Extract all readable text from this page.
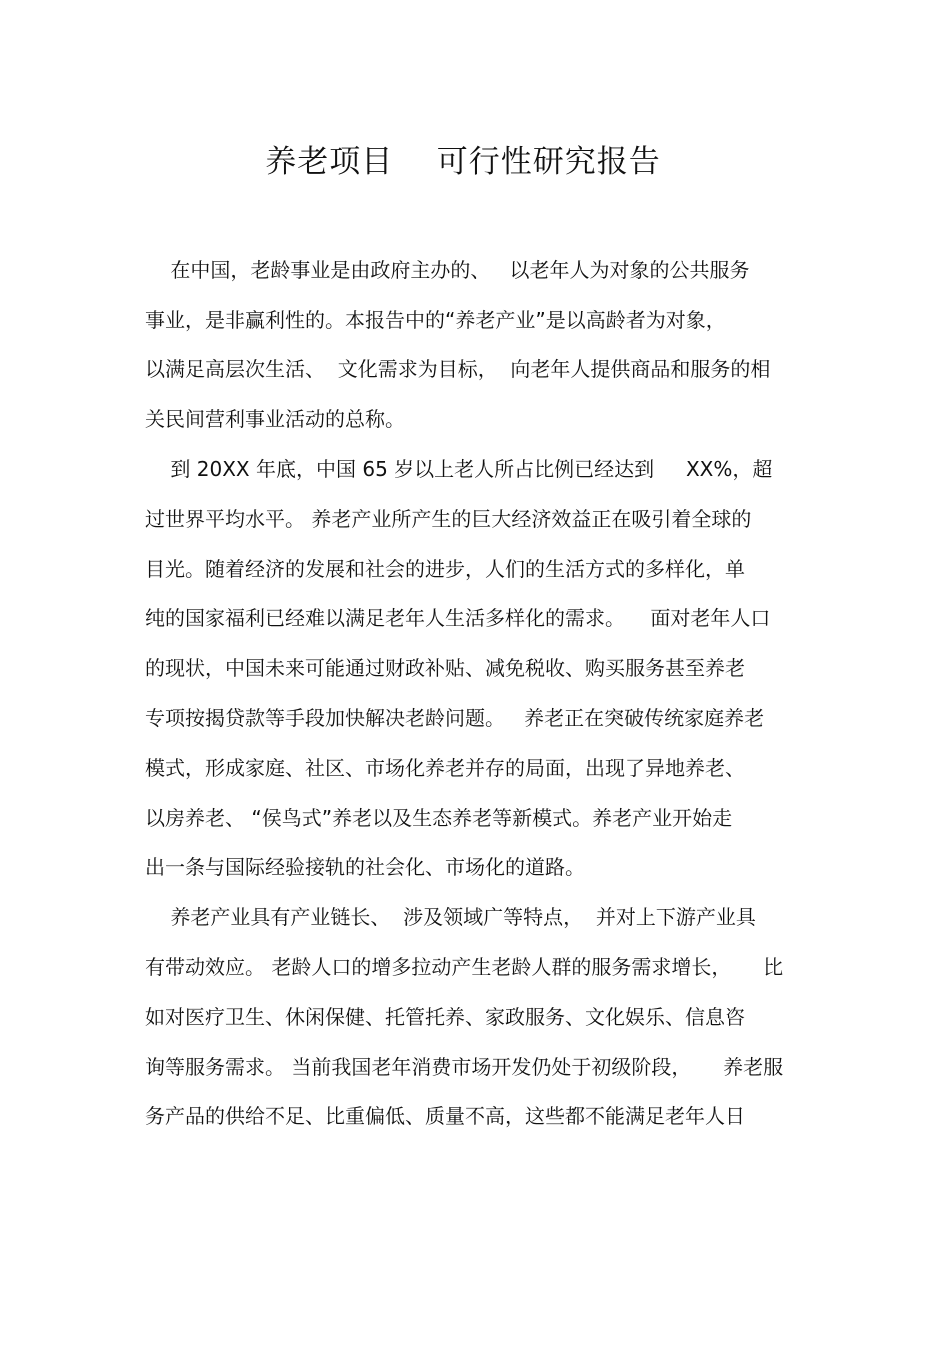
养老项目    可行性研究报告
在中国，老龄事业是由政府主办的、   以老年人为对象的公共服务
事业，是非赢利性的。本报告中的“养老产业”是以高龄者为对象，
以满足高层次生活、  文化需求为目标，  向老年人提供商品和服务的相
关民间营利事业活动的总称。
到 20XX 年底，中国 65 岁以上老人所占比例已经达到     XX%，超
过世界平均水平。 养老产业所产生的巨大经济效益正在吸引着全球的
目光。随着经济的发展和社会的进步，人们的生活方式的多样化，单
纯的国家福利已经难以满足老年人生活多样化的需求。    面对老年人口
的现状，中国未来可能通过财政补贴、减免税收、购买服务甚至养老
专项按揭贷款等手段加快解决老龄问题。   养老正在突破传统家庭养老
模式，形成家庭、社区、市场化养老并存的局面，出现了异地养老、
以房养老、 “侯鸟式”养老以及生态养老等新模式。养老产业开始走
出一条与国际经验接轨的社会化、市场化的道路。
养老产业具有产业链长、  涉及领域广等特点，  并对上下游产业具
有带动效应。 老龄人口的增多拉动产生老龄人群的服务需求增长，     比
如对医疗卫生、休闲保健、托管托养、家政服务、文化娱乐、信息咨
询等服务需求。 当前我国老年消费市场开发仍处于初级阶段，     养老服
务产品的供给不足、比重偏低、质量不高，这些都不能满足老年人日
